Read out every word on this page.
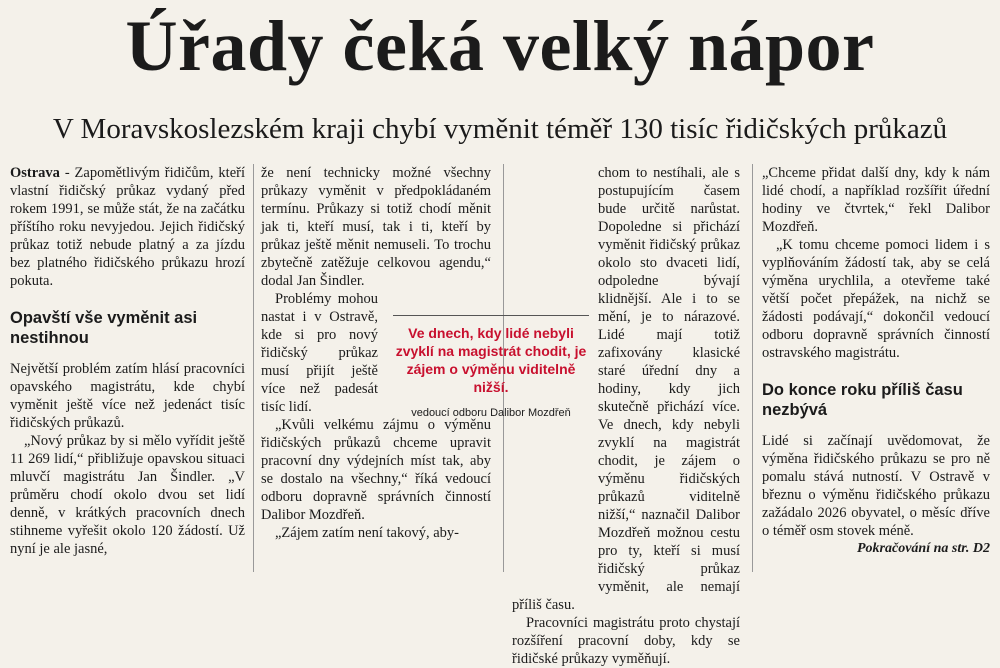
Úřady čeká velký nápor
V Moravskoslezském kraji chybí vyměnit téměř 130 tisíc řidičských průkazů

Ostrava - Zapomětlivým řidičům, kteří vlastní řidičský průkaz vydaný před rokem 1991, se může stát, že na začátku příštího roku nevyjedou. Jejich řidičský průkaz totiž nebude platný a za jízdu bez platného řidičského průkazu hrozí pokuta.

Opavští vše vyměnit asi nestihnou

Největší problém zatím hlásí pracovníci opavského magistrátu, kde chybí vyměnit ještě více než jedenáct tisíc řidičských průkazů.

„Nový průkaz by si mělo vyřídit ještě 11 269 lidí,“ přibližuje opavskou situaci mluvčí magistrátu Jan Šindler. „V průměru chodí okolo dvou set lidí denně, v krátkých pracovních dnech stihneme vyřešit okolo 120 žádostí. Už nyní je ale jasné,

že není technicky možné všechny průkazy vyměnit v předpokládaném termínu. Průkazy si totiž chodí měnit jak ti, kteří musí, tak i ti, kteří by průkaz ještě měnit nemuseli. To trochu zbytečně zatěžuje celkovou agendu,“ dodal Jan Šindler.

Problémy mohou nastat i v Ostravě, kde si pro nový řidičský průkaz musí přijít ještě více než padesát tisíc lidí.

„Kvůli velkému zájmu o výměnu řidičských průkazů chceme upravit pracovní dny výdejních míst tak, aby se dostalo na všechny,“ říká vedoucí odboru dopravně správních činností Dalibor Mozdřeň.

„Zájem zatím není takový, aby-

chom to nestíhali, ale s postupujícím časem bude určitě narůstat. Dopoledne si přichází vyměnit řidičský průkaz okolo sto dvaceti lidí, odpoledne bývají klidnější. Ale i to se mění, je to nárazové. Lidé mají totiž zafixovány klasické staré úřední dny a hodiny, kdy jich skutečně přichází více. Ve dnech, kdy nebyli zvyklí na magistrát chodit, je zájem o výměnu řidičských průkazů viditelně nižší,“ naznačil Dalibor Mozdřeň možnou cestu pro ty, kteří si musí řidičský průkaz vyměnit, ale nemají příliš času.

Pracovníci magistrátu proto chystají rozšíření pracovní doby, kdy se řidičské průkazy vyměňují.

„Chceme přidat další dny, kdy k nám lidé chodí, a například rozšířit úřední hodiny ve čtvrtek,“ řekl Dalibor Mozdřeň.

„K tomu chceme pomoci lidem i s vyplňováním žádostí tak, aby se celá výměna urychlila, a otevřeme také větší počet přepážek, na nichž se žádosti podávají,“ dokončil vedoucí odboru dopravně správních činností ostravského magistrátu.

Do konce roku příliš času nezbývá

Lidé si začínají uvědomovat, že výměna řidičského průkazu se pro ně pomalu stává nutností. V Ostravě v březnu o výměnu řidičského průkazu zažádalo 2026 obyvatel, o měsíc dříve o téměř osm stovek méně.

Pokračování na str. D2

Ve dnech, kdy lidé nebyli zvyklí na magistrát chodit, je zájem o výměnu viditelně nižší.

vedoucí odboru Dalibor Mozdřeň
